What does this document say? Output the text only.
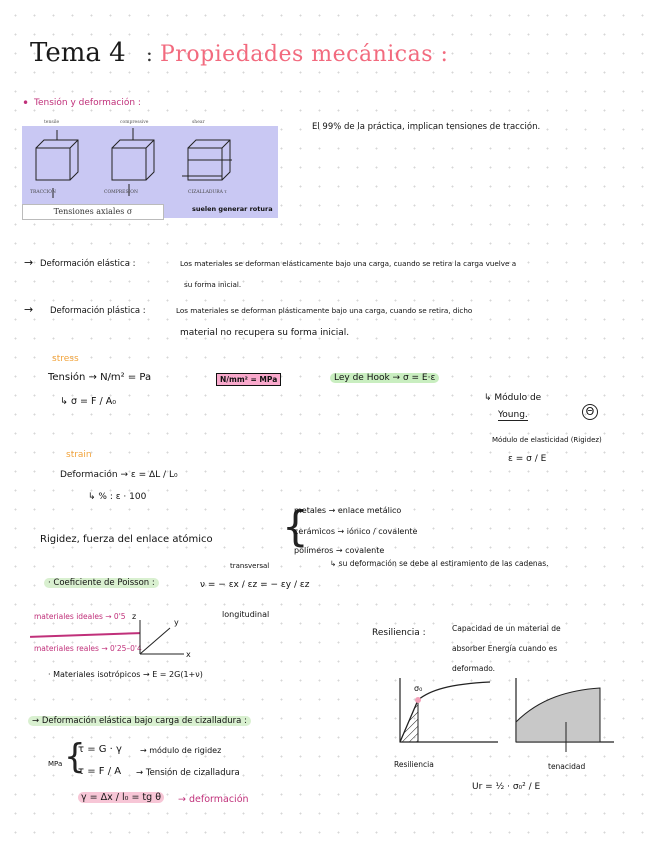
Tema 4 : Propiedades mecánicas :
• Tensión y deformación :
tensile	compressive	shear
TRACCION	COMPRESION	CIZALLADURA τ
Tensiones axiales σ	suelen generar rotura
El 99% de la práctica, implican tensiones de tracción.
→ Deformación elástica :	Los materiales se deforman elásticamente bajo una carga, cuando se retira la carga vuelve a
su forma inicial.
→ Deformación plástica :	Los materiales se deforman plásticamente bajo una carga, cuando se retira, dicho
material no recupera su forma inicial.
stress
Tensión → N/m² = Pa
↳ σ = F / A₀
N/mm² = MPa	Ley de Hook → σ = E·ε
↳ Módulo de
Young.	Θ
Módulo de elasticidad (Rigidez)
ε = σ / E
strain
Deformación → ε = ΔL / L₀
↳ % : ε · 100
Rigidez, fuerza del enlace atómico {
metales → enlace metálico
cerámicos → iónico / covalente
polímeros → covalente
↳ su deformación se debe al estiramiento de las cadenas.
· Coeficiente de Poisson :
transversal
ν = − εx / εz = − εy / εz
longitudinal
materiales ideales → 0'5
materiales reales → 0'25–0'4
y
z
x
· Materiales isotrópicos → E = 2G(1+ν)
→ Deformación elástica bajo carga de cizalladura :
MPa {
τ = G · γ → módulo de rigidez
τ = F / A → Tensión de cizalladura
γ = Δx / l₀ = tg θ	→ deformación
Resiliencia :	Capacidad de un material de
absorber Energía cuando es
deformado.
σ₀
Resiliencia	tenacidad
Ur = ½ · σ₀² / E
